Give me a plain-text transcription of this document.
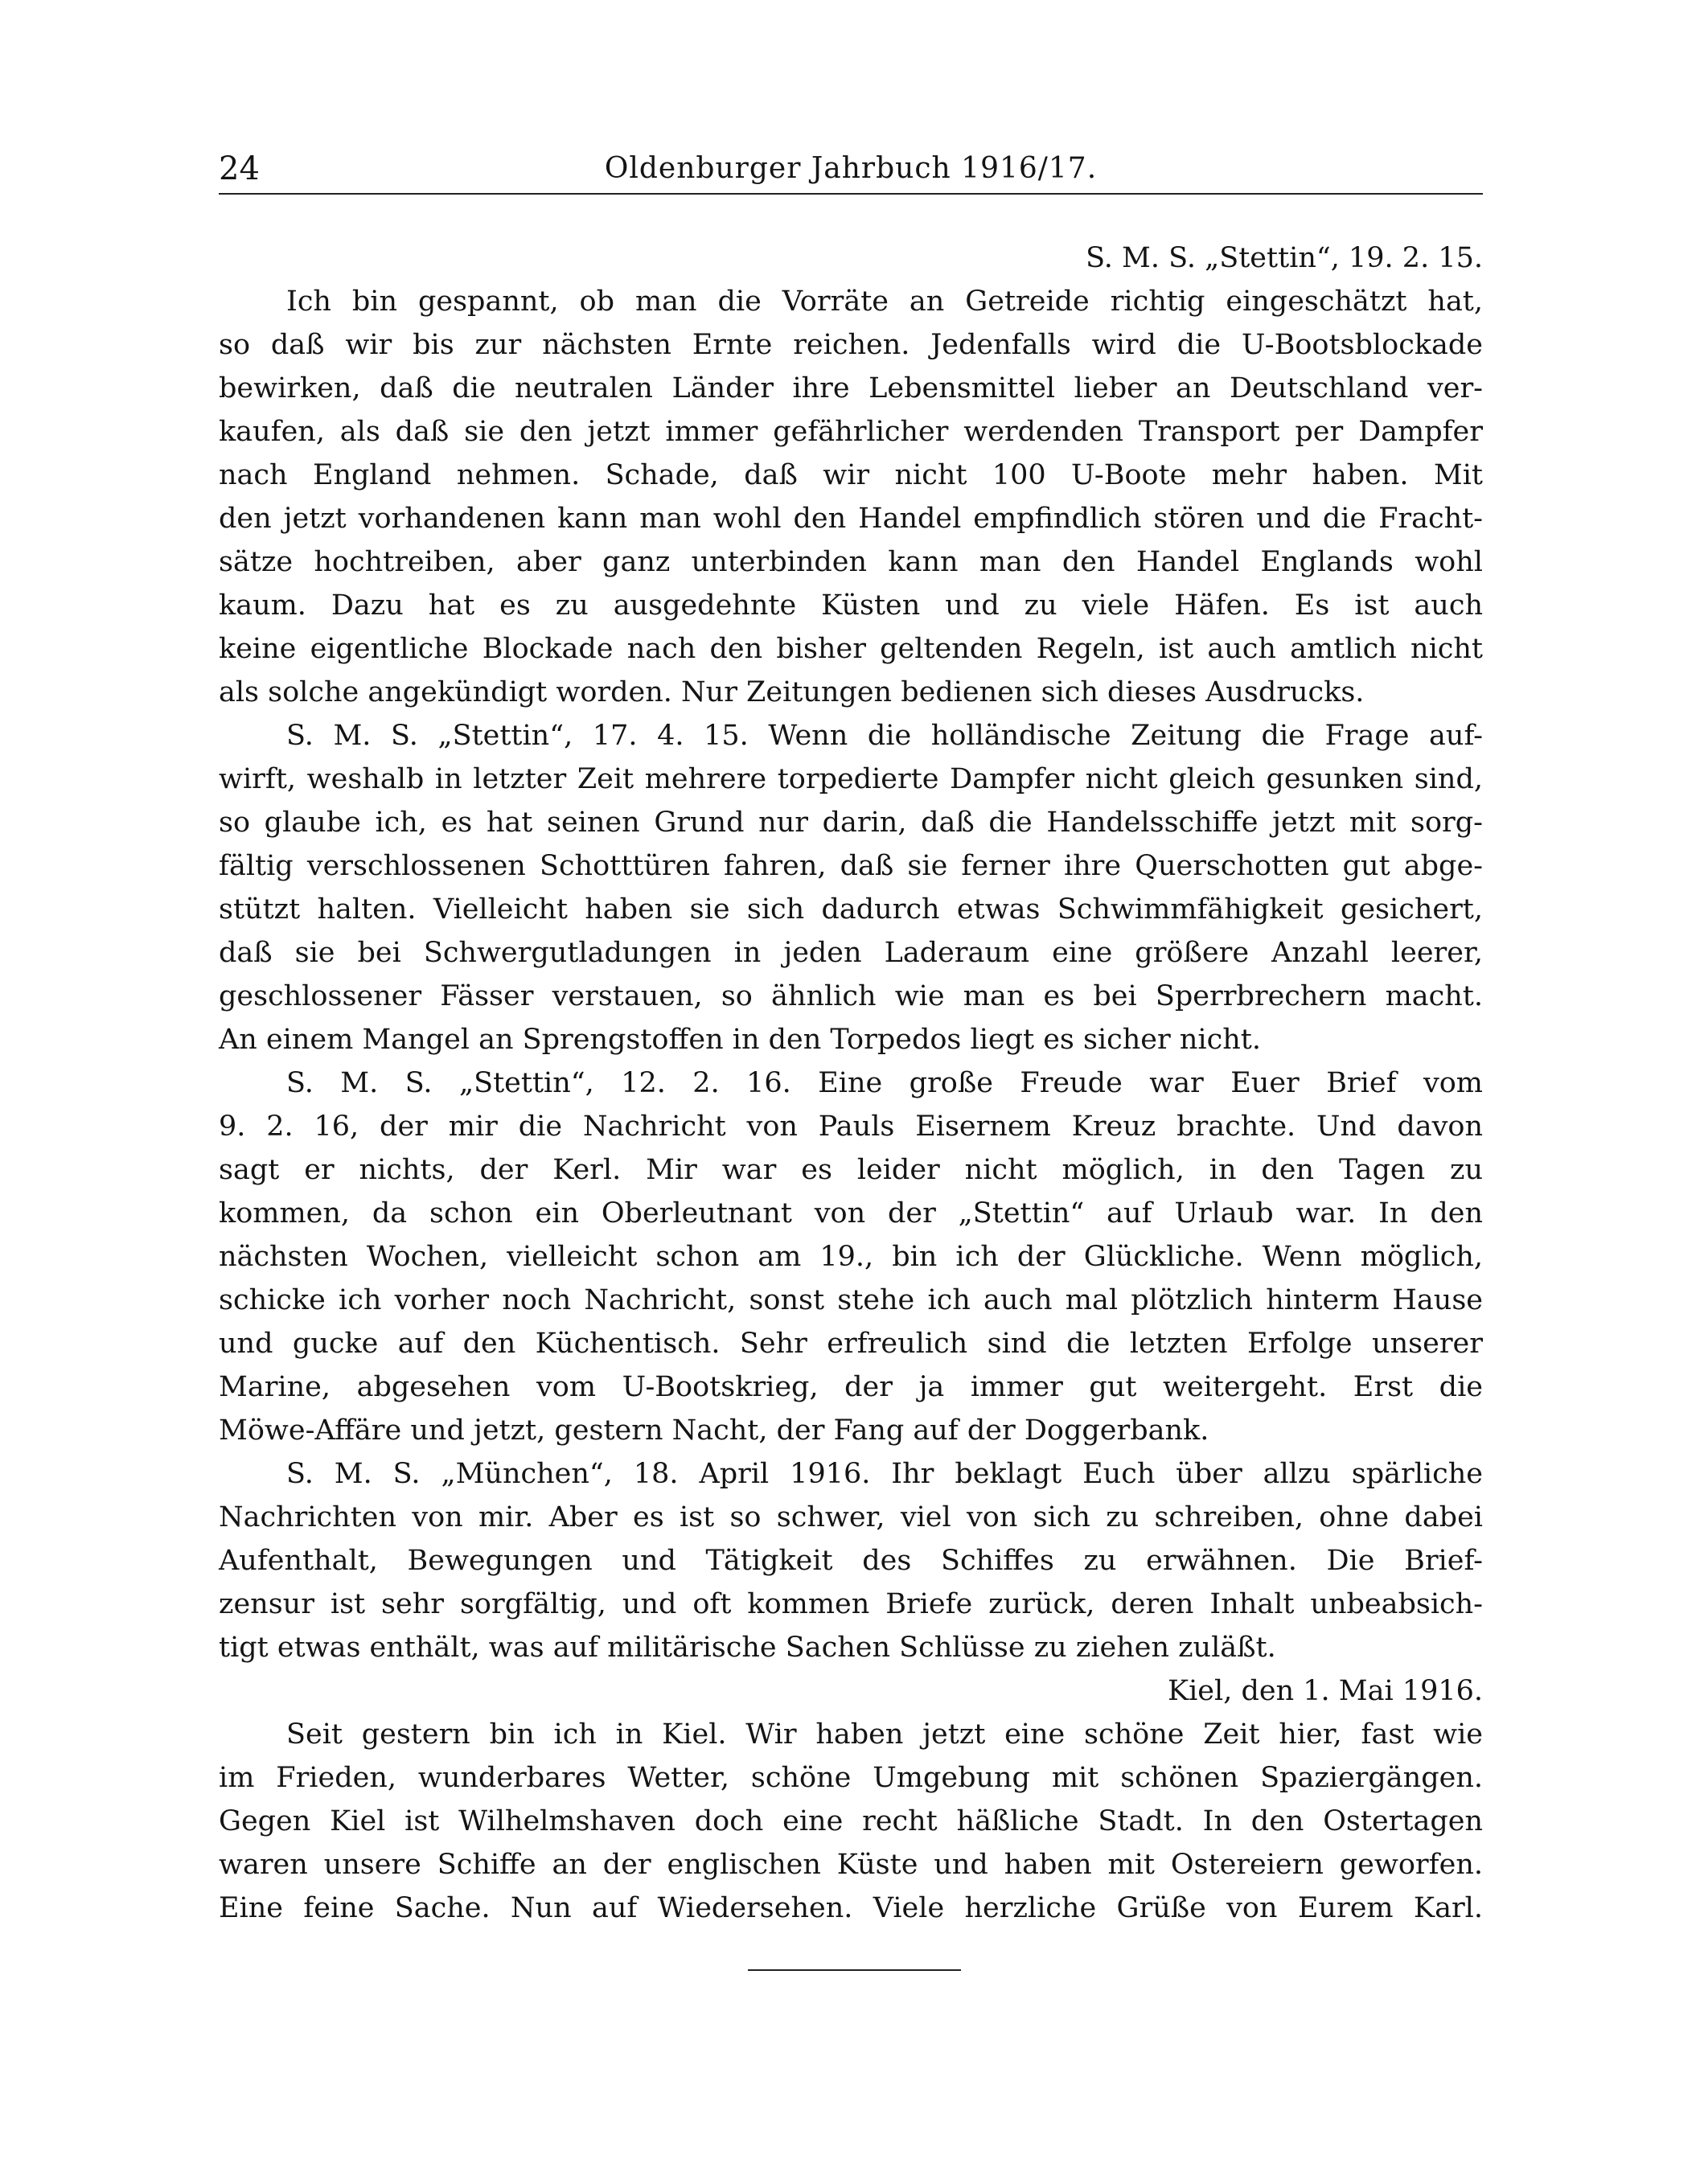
24	Oldenburger Jahrbuch 1916/17.
S. M. S. „Stettin“, 19. 2. 15.
Ich bin gespannt, ob man die Vorräte an Getreide richtig eingeschätzt hat,
so daß wir bis zur nächsten Ernte reichen. Jedenfalls wird die U-Bootsblockade
bewirken, daß die neutralen Länder ihre Lebensmittel lieber an Deutschland ver-
kaufen, als daß sie den jetzt immer gefährlicher werdenden Transport per Dampfer
nach England nehmen. Schade, daß wir nicht 100 U-Boote mehr haben. Mit
den jetzt vorhandenen kann man wohl den Handel empfindlich stören und die Fracht-
sätze hochtreiben, aber ganz unterbinden kann man den Handel Englands wohl
kaum. Dazu hat es zu ausgedehnte Küsten und zu viele Häfen. Es ist auch
keine eigentliche Blockade nach den bisher geltenden Regeln, ist auch amtlich nicht
als solche angekündigt worden. Nur Zeitungen bedienen sich dieses Ausdrucks.
S. M. S. „Stettin“, 17. 4. 15. Wenn die holländische Zeitung die Frage auf-
wirft, weshalb in letzter Zeit mehrere torpedierte Dampfer nicht gleich gesunken sind,
so glaube ich, es hat seinen Grund nur darin, daß die Handelsschiffe jetzt mit sorg-
fältig verschlossenen Schotttüren fahren, daß sie ferner ihre Querschotten gut abge-
stützt halten. Vielleicht haben sie sich dadurch etwas Schwimmfähigkeit gesichert,
daß sie bei Schwergutladungen in jeden Laderaum eine größere Anzahl leerer,
geschlossener Fässer verstauen, so ähnlich wie man es bei Sperrbrechern macht.
An einem Mangel an Sprengstoffen in den Torpedos liegt es sicher nicht.
S. M. S. „Stettin“, 12. 2. 16. Eine große Freude war Euer Brief vom
9. 2. 16, der mir die Nachricht von Pauls Eisernem Kreuz brachte. Und davon
sagt er nichts, der Kerl. Mir war es leider nicht möglich, in den Tagen zu
kommen, da schon ein Oberleutnant von der „Stettin“ auf Urlaub war. In den
nächsten Wochen, vielleicht schon am 19., bin ich der Glückliche. Wenn möglich,
schicke ich vorher noch Nachricht, sonst stehe ich auch mal plötzlich hinterm Hause
und gucke auf den Küchentisch. Sehr erfreulich sind die letzten Erfolge unserer
Marine, abgesehen vom U-Bootskrieg, der ja immer gut weitergeht. Erst die
Möwe-Affäre und jetzt, gestern Nacht, der Fang auf der Doggerbank.
S. M. S. „München“, 18. April 1916. Ihr beklagt Euch über allzu spärliche
Nachrichten von mir. Aber es ist so schwer, viel von sich zu schreiben, ohne dabei
Aufenthalt, Bewegungen und Tätigkeit des Schiffes zu erwähnen. Die Brief-
zensur ist sehr sorgfältig, und oft kommen Briefe zurück, deren Inhalt unbeabsich-
tigt etwas enthält, was auf militärische Sachen Schlüsse zu ziehen zuläßt.
Kiel, den 1. Mai 1916.
Seit gestern bin ich in Kiel. Wir haben jetzt eine schöne Zeit hier, fast wie
im Frieden, wunderbares Wetter, schöne Umgebung mit schönen Spaziergängen.
Gegen Kiel ist Wilhelmshaven doch eine recht häßliche Stadt. In den Ostertagen
waren unsere Schiffe an der englischen Küste und haben mit Ostereiern geworfen.
Eine feine Sache. Nun auf Wiedersehen. Viele herzliche Grüße von Eurem Karl.
